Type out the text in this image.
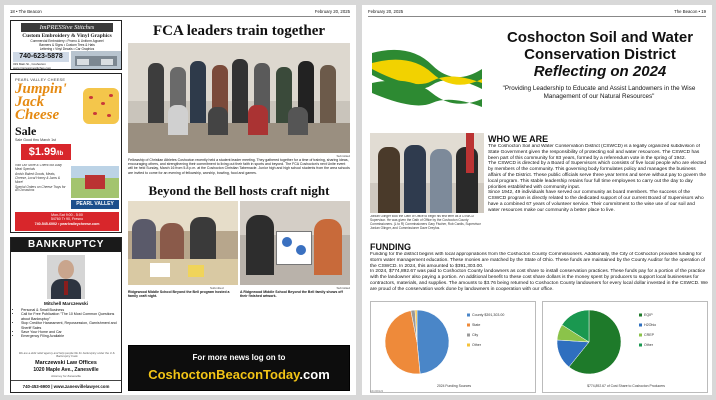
18 • The Beacon	February 20, 2025
ImPRESSive Stitches
Custom Embroidery & Vinyl Graphics
Commercial Embroidery • Promo & Uniform Apparel
Banners & Signs • Custom Tees & Hats
Lettering • Vinyl Decals • Car Graphics
740-623-5878
319 Main St., Coshocton
www.impressivestitches.com
PEARL VALLEY CHEESE
Jumpin'
Jack
Cheese
Sale
Sale Good thru March 1st
$1.99/lb
Visit Our Store & Check out Daily Meat Specials
Amish Baked Goods, Meats, Cheese, Local Honey & Jams & More!
Special Orders on Cheese Trays for All Occasions
PEARL VALLEY
Mon-Sat 9:00 - 5:00
54760 Tr 90, Fresno
740-545-6002 • pearlvalleycheese.com
BANKRUPTCY
Mitchell Marczewski
• Personal & Small Business
• Call for Free Publication "The 10 Most Common Questions about Bankruptcy"
• Stop Creditor Harassment, Repossession, Garnishment and Sheriff Sales
• Save Your Home and Car
• Emergency Filing Available
We are a debt relief agency and help people file for bankruptcy under the U.S. Bankruptcy Code
Marczewski Law Offices
1020 Maple Ave., Zanesville
Attorney for Zanesville
740-453-6900 | www.zanesvillelawyer.com
FCA leaders train together
Submitted
Fellowship of Christian Athletes Coshocton recently held a student leader meeting. They gathered together for a time of training, sharing ideas, encouraging others, and strengthening their commitment to living out their faith in sports and beyond. The FCA Coshocton's next Unite event will be held Sunday, March 16 from 5-8 p.m. at the Coshocton Christian Tabernacle. Junior high and high school students from the area schools are invited to come for an evening of fellowship, worship, bowling, food and games.
Beyond the Bell hosts craft night
Submitted	Submitted
Ridgewood Middle School Beyond the Bell program hosted a family craft night.
A Ridgewood Middle School Beyond the Bell family shows off their finished artwork.
For more news log on to
CoshoctonBeaconToday.com
February 20, 2025	The Beacon • 19
Coshocton Soil and Water
Conservation District
Reflecting on 2024
"Providing Leadership to Educate and Assist Landowners in the Wise Management of our Natural Resources"
Jordan Olinger took the Oath of Office to begin his first term as a CSWCD Supervisor. He was given the Oath of Office by the Coshocton County Commissioners. (L to R) Commissioners Gary Fischer, Rob Cardis, Supervisor Jordan Olinger, and Commissioner Dave Dreyfus.
WHO WE ARE
The Coshocton Soil and Water Conservation District (CSWCD) is a legally organized subdivision of State Government given the responsibility of protecting soil and water resources. The CSWCD has been part of this community for 83 years, formed by a referendum vote in the spring of 1942.
The CSWCD is directed by a Board of Supervisors which consists of five local people who are elected by members of the community. This governing body formulates policy and manages the business affairs of the District. These public officials serve three year terms and serve without pay to govern the local program. This stable leadership retains four full time employees to carry out the day to day priorities established with community input.
Since 1942, 49 individuals have served our community as board members. The success of the CSWCD program is directly related to the dedicated support of our current Board of Supervisors who have a combined 67 years of volunteer service. Their commitment to the wise use of our soil and water resources make our community a better place to live.
FUNDING
Funding for the district begins with local appropriations from the Coshocton County Commissioners. Additionally, the City of Coshocton provides funding for storm water management education. These monies are matched by the State of Ohio. These funds are maintained by the County Auditor for the operation of the CSWCD. In 2024, this amounted to $391,303.00.
In 2024, $774,892.67 was paid to Coshocton County landowners as cost share to install conservation practices. These funds pay for a portion of the practice with the landowner also paying a portion. An additional benefit to these cost share dollars is the money spent by producers to support local businesses for contractors, materials, and supplies. The amounts to $3.76 being returned to Coshocton County landowners for every local dollar invested in the CSWCD. We are proud of the conservation work done by landowners in cooperation with our office.
County $391,303.00
State
City
Other
2024 Funding Sources
EQIP
H2Ohio
CREP
Other
$774,892.67 of Cost Share to Coshocton Producers
AD-000123
